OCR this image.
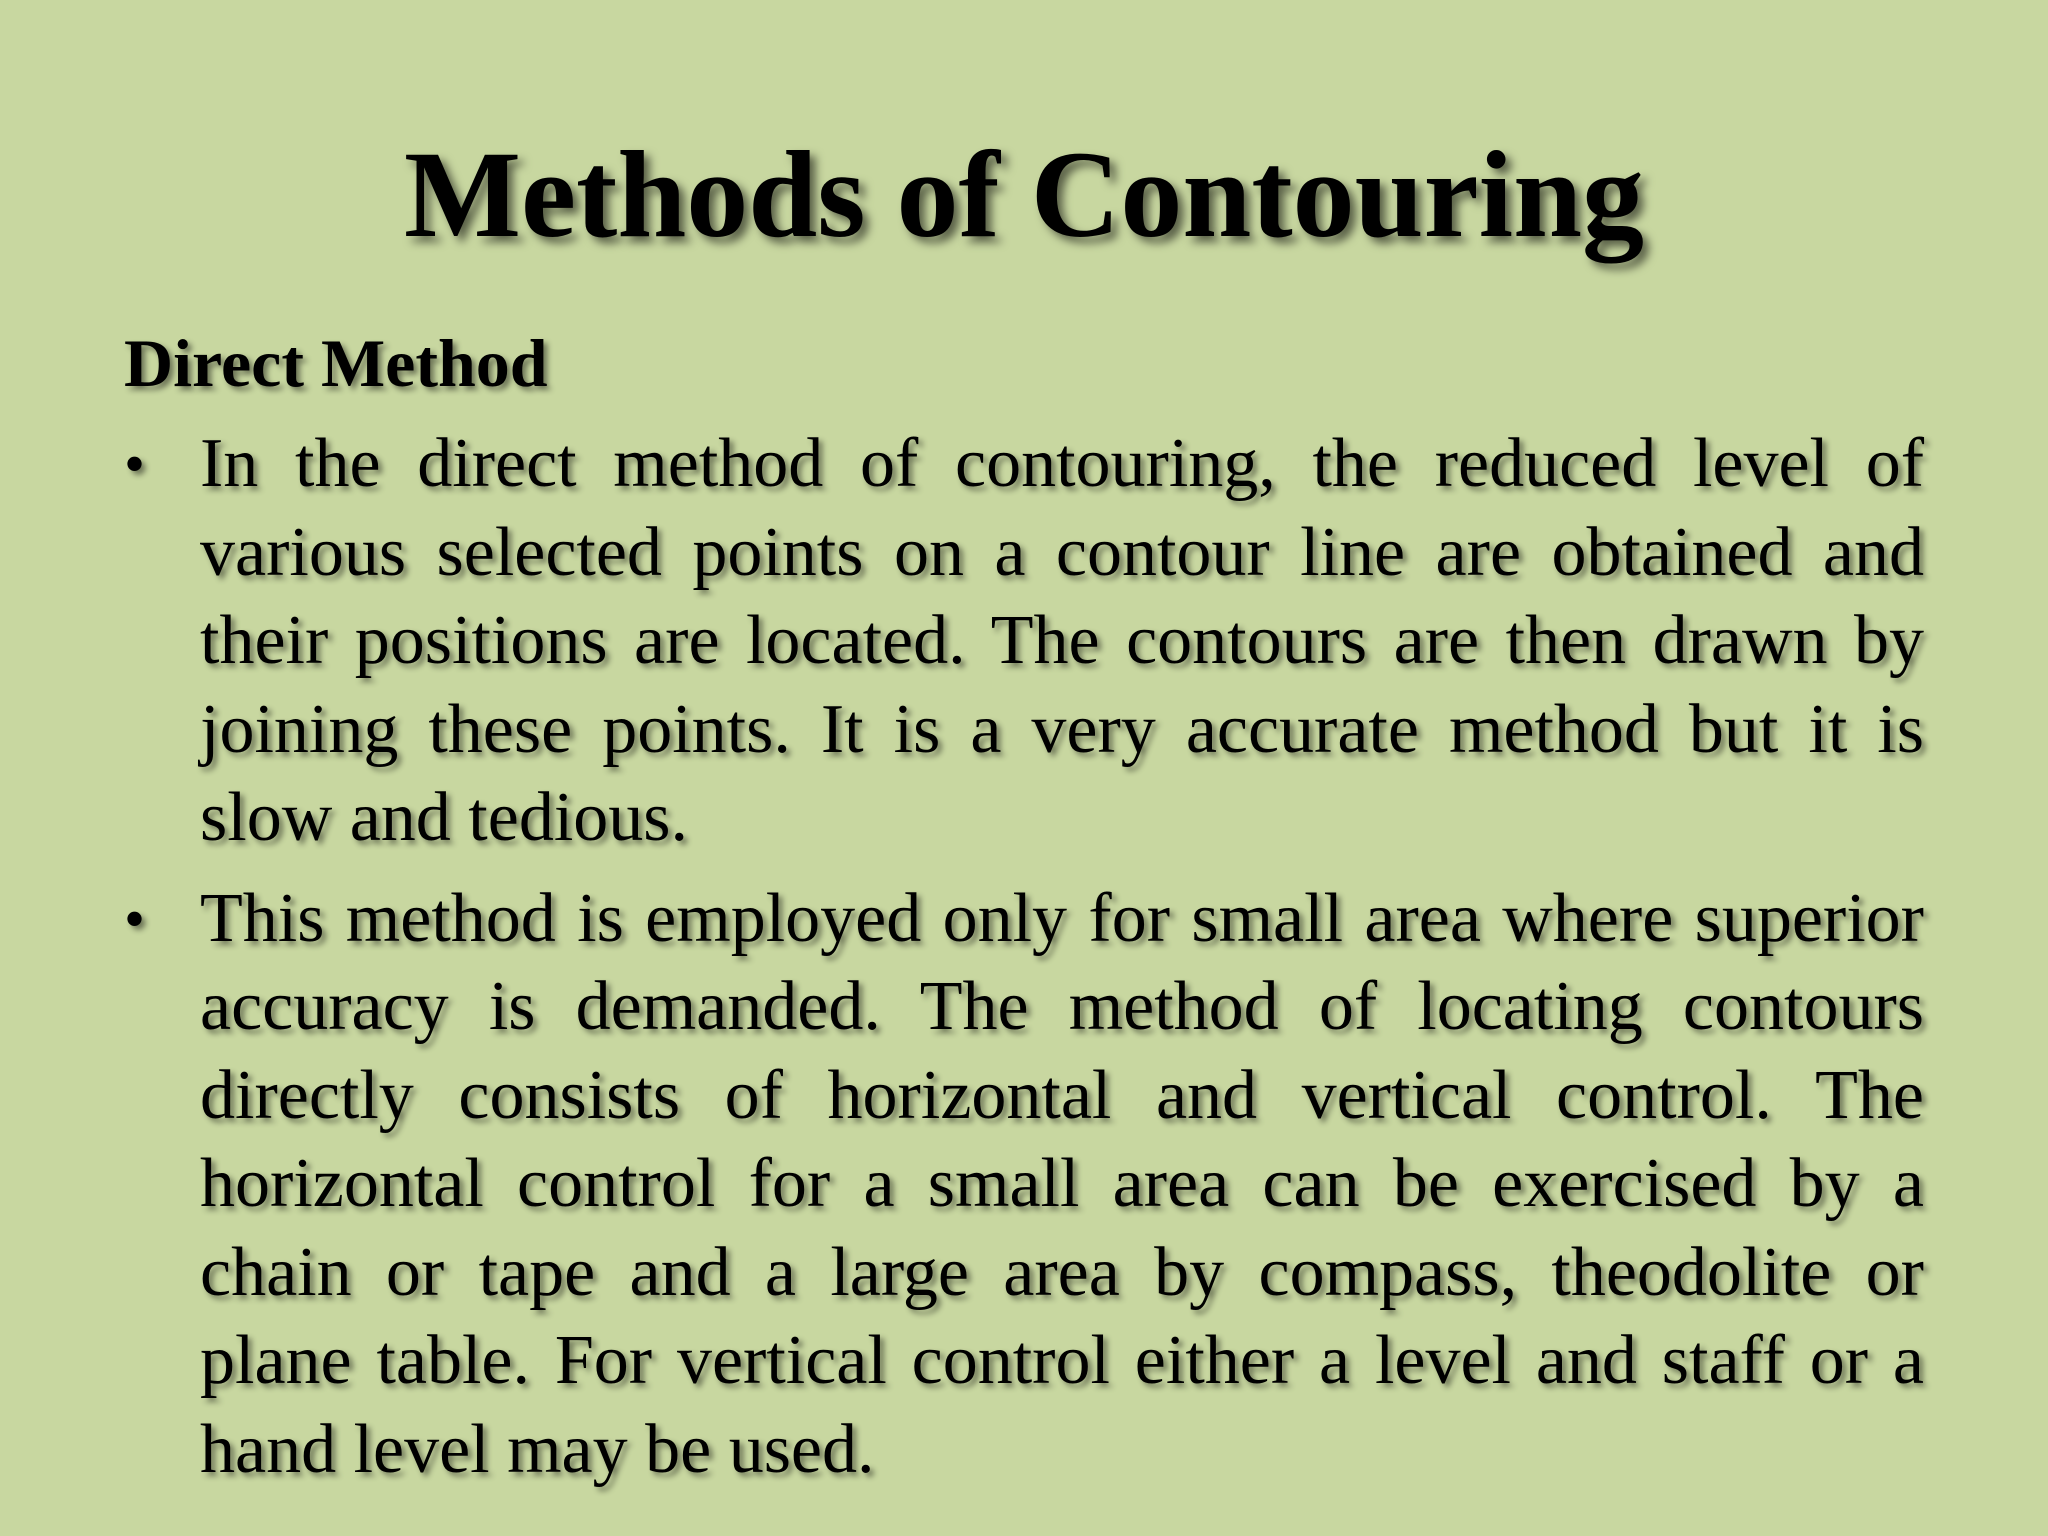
Methods of Contouring
Direct Method
• In the direct method of contouring, the reduced level of various selected points on a contour line are obtained and their positions are located. The contours are then drawn by joining these points. It is a very accurate method but it is slow and tedious.
• This method is employed only for small area where superior accuracy is demanded. The method of locating contours directly consists of horizontal and vertical control. The horizontal control for a small area can be exercised by a chain or tape and a large area by compass, theodolite or plane table. For vertical control either a level and staff or a hand level may be used.
